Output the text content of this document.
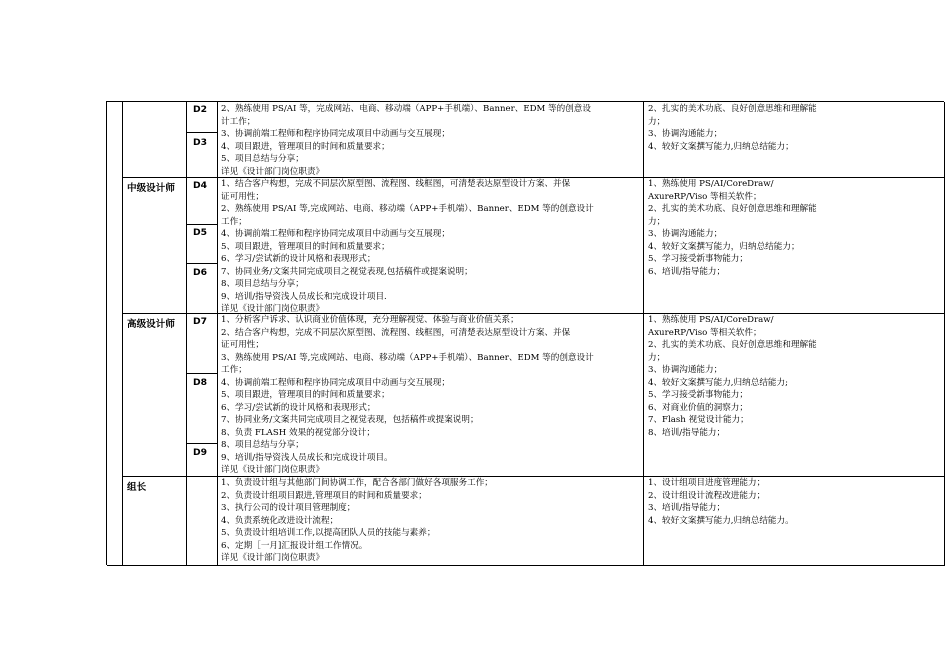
D2
D3
2、熟练使用 PS/AI 等，完成网站、电商、移动端（APP+手机端）、Banner、EDM 等的创意设
计工作；
3、协调前端工程师和程序协同完成项目中动画与交互展现；
4、项目跟进，管理项目的时间和质量要求；
5、项目总结与分享；
详见《设计部门岗位职责》
2、扎实的美术功底、良好创意思维和理解能
力；
3、协调沟通能力；
4、较好文案撰写能力,归纳总结能力；
中级设计师 D4
D5
D6
1、结合客户构想，完成不同层次原型图、流程图、线框图，可清楚表达原型设计方案、并保
证可用性；
2、熟练使用 PS/AI 等,完成网站、电商、移动端（APP+手机端）、Banner、EDM 等的创意设计
工作；
4、协调前端工程师和程序协同完成项目中动画与交互展现；
5、项目跟进，管理项目的时间和质量要求；
6、学习/尝试新的设计风格和表现形式；
7、协同业务/文案共同完成项目之视觉表现,包括稿件或提案说明；
8、项目总结与分享；
9、培训/指导资浅人员成长和完成设计项目.
详见《设计部门岗位职责》
1、熟练使用 PS/AI/CoreDraw/
AxureRP/Viso 等相关软件；
2、扎实的美术功底、良好创意思维和理解能
力；
3、协调沟通能力；
4、较好文案撰写能力，归纳总结能力；
5、学习接受新事物能力；
6、培训/指导能力；
高级设计师 D7
D8
D9
1、分析客户诉求、认识商业价值体现，充分理解视觉、体验与商业价值关系；
2、结合客户构想，完成不同层次原型图、流程图、线框图，可清楚表达原型设计方案、并保
证可用性；
3、熟练使用 PS/AI 等,完成网站、电商、移动端（APP+手机端）、Banner、EDM 等的创意设计
工作；
4、协调前端工程师和程序协同完成项目中动画与交互展现；
5、项目跟进，管理项目的时间和质量要求；
6、学习/尝试新的设计风格和表现形式；
7、协同业务/文案共同完成项目之视觉表现，包括稿件或提案说明；
8、负责 FLASH 效果的视觉部分设计；
8、项目总结与分享；
9、培训/指导资浅人员成长和完成设计项目。
详见《设计部门岗位职责》
1、熟练使用 PS/AI/CoreDraw/
AxureRP/Viso 等相关软件；
2、扎实的美术功底、良好创意思维和理解能
力；
3、协调沟通能力；
4、较好文案撰写能力,归纳总结能力;
5、学习接受新事物能力；
6、对商业价值的洞察力；
7、Flash 视觉设计能力；
8、培训/指导能力；
组长	1、负责设计组与其他部门间协调工作，配合各部门做好各项服务工作；
2、负责设计组项目跟进,管理项目的时间和质量要求；
3、执行公司的设计项目管理制度；
4、负责系统化改进设计流程；
5、负责设计组培训工作,以提高团队人员的技能与素养；
6、定期［一月]汇报设计组工作情况。
详见《设计部门岗位职责》
1、设计组项目进度管理能力；
2、设计组设计流程改进能力；
3、培训/指导能力；
4、较好文案撰写能力,归纳总结能力。
